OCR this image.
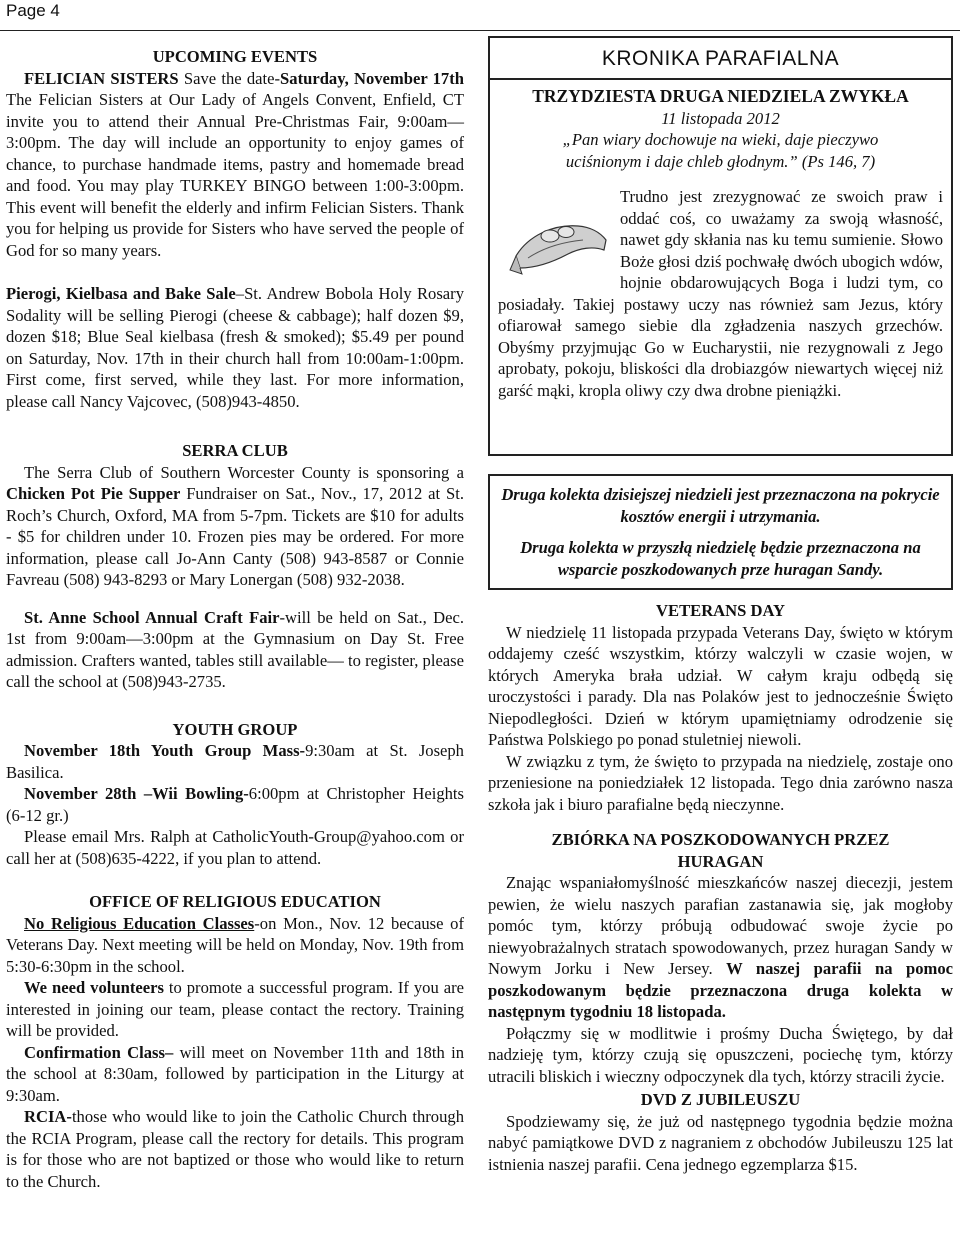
Page 4

UPCOMING EVENTS

FELICIAN SISTERS Save the date-Saturday, November 17th The Felician Sisters at Our Lady of Angels Convent, Enfield, CT invite you to attend their Annual Pre-Christmas Fair, 9:00am—3:00pm. The day will include an opportunity to enjoy games of chance, to purchase handmade items, pastry and homemade bread and food. You may play TURKEY BINGO between 1:00-3:00pm. This event will benefit the elderly and infirm Felician Sisters. Thank you for helping us provide for Sisters who have served the people of God for so many years.

Pierogi, Kielbasa and Bake Sale–St. Andrew Bobola Holy Rosary Sodality will be selling Pierogi (cheese & cabbage); half dozen $9, dozen $18; Blue Seal kielbasa (fresh & smoked); $5.49 per pound on Saturday, Nov. 17th in their church hall from 10:00am-1:00pm. First come, first served, while they last. For more information, please call Nancy Vajcovec, (508)943-4850.

SERRA CLUB

The Serra Club of Southern Worcester County is sponsoring a Chicken Pot Pie Supper Fundraiser on Sat., Nov., 17, 2012 at St. Roch’s Church, Oxford, MA from 5-7pm. Tickets are $10 for adults - $5 for children under 10. Frozen pies may be ordered. For more information, please call Jo-Ann Canty (508) 943-8587 or Connie Favreau (508) 943-8293 or Mary Lonergan (508) 932-2038.

St. Anne School Annual Craft Fair-will be held on Sat., Dec. 1st from 9:00am—3:00pm at the Gymnasium on Day St. Free admission. Crafters wanted, tables still available— to register, please call the school at (508)943-2735.

YOUTH GROUP

November 18th Youth Group Mass-9:30am at St. Joseph Basilica.

November 28th –Wii Bowling-6:00pm at Christopher Heights (6-12 gr.)

Please email Mrs. Ralph at CatholicYouth-Group@yahoo.com or call her at (508)635-4222, if you plan to attend.

OFFICE OF RELIGIOUS EDUCATION

No Religious Education Classes-on Mon., Nov. 12 because of Veterans Day. Next meeting will be held on Monday, Nov. 19th from 5:30-6:30pm in the school.

We need volunteers to promote a successful program. If you are interested in joining our team, please contact the rectory. Training will be provided.

Confirmation Class– will meet on November 11th and 18th in the school at 8:30am, followed by participation in the Liturgy at 9:30am.

RCIA-those who would like to join the Catholic Church through the RCIA Program, please call the rectory for details. This program is for those who are not baptized or those who would like to return to the Church.

KRONIKA PARAFIALNA
TRZYDZIESTA DRUGA NIEDZIELA ZWYKŁA
11 listopada 2012
„Pan wiary dochowuje na wieki, daje pieczywo uciśnionym i daje chleb głodnym.” (Ps 146, 7)

Trudno jest zrezygnować ze swoich praw i oddać coś, co uważamy za swoją własność, nawet gdy skłania nas ku temu sumienie. Słowo Boże głosi dziś pochwałę dwóch ubogich wdów, hojnie obdarowujących Boga i ludzi tym, co posiadały. Takiej postawy uczy nas również sam Jezus, który ofiarował samego siebie dla zgładzenia naszych grzechów. Obyśmy przyjmując Go w Eucharystii, nie rezygnowali z Jego aprobaty, pokoju, bliskości dla drobiazgów niewartych więcej niż garść mąki, kropla oliwy czy dwa drobne pieniążki.

Druga kolekta dzisiejszej niedzieli jest przeznaczona na pokrycie kosztów energii i utrzymania.

Druga kolekta w przyszłą niedzielę będzie przeznaczona na wsparcie poszkodowanych prze huragan Sandy.

VETERANS DAY

W niedzielę 11 listopada przypada Veterans Day, święto w którym oddajemy cześć wszystkim, którzy walczyli w czasie wojen, w których Ameryka brała udział. W całym kraju odbędą się uroczystości i parady. Dla nas Polaków jest to jednocześnie Święto Niepodległości. Dzień w którym upamiętniamy odrodzenie się Państwa Polskiego po ponad stuletniej niewoli.

W związku z tym, że święto to przypada na niedzielę, zostaje ono przeniesione na poniedziałek 12 listopada. Tego dnia zarówno nasza szkoła jak i biuro parafialne będą nieczynne.

ZBIÓRKA NA POSZKODOWANYCH PRZEZ HURAGAN

Znając wspaniałomyślność mieszkańców naszej diecezji, jestem pewien, że wielu naszych parafian zastanawia się, jak mogłoby pomóc tym, którzy próbują odbudować swoje życie po niewyobrażalnych stratach spowodowanych, przez huragan Sandy w Nowym Jorku i New Jersey. W naszej parafii na pomoc poszkodowanym będzie przeznaczona druga kolekta w następnym tygodniu 18 listopada.

Połączmy się w modlitwie i prośmy Ducha Świętego, by dał nadzieję tym, którzy czują się opuszczeni, pociechę tym, którzy utracili bliskich i wieczny odpoczynek dla tych, którzy stracili życie.

DVD Z JUBILEUSZU

Spodziewamy się, że już od następnego tygodnia będzie można nabyć pamiątkowe DVD z nagraniem z obchodów Jubileuszu 125 lat istnienia naszej parafii. Cena jednego egzemplarza $15.
